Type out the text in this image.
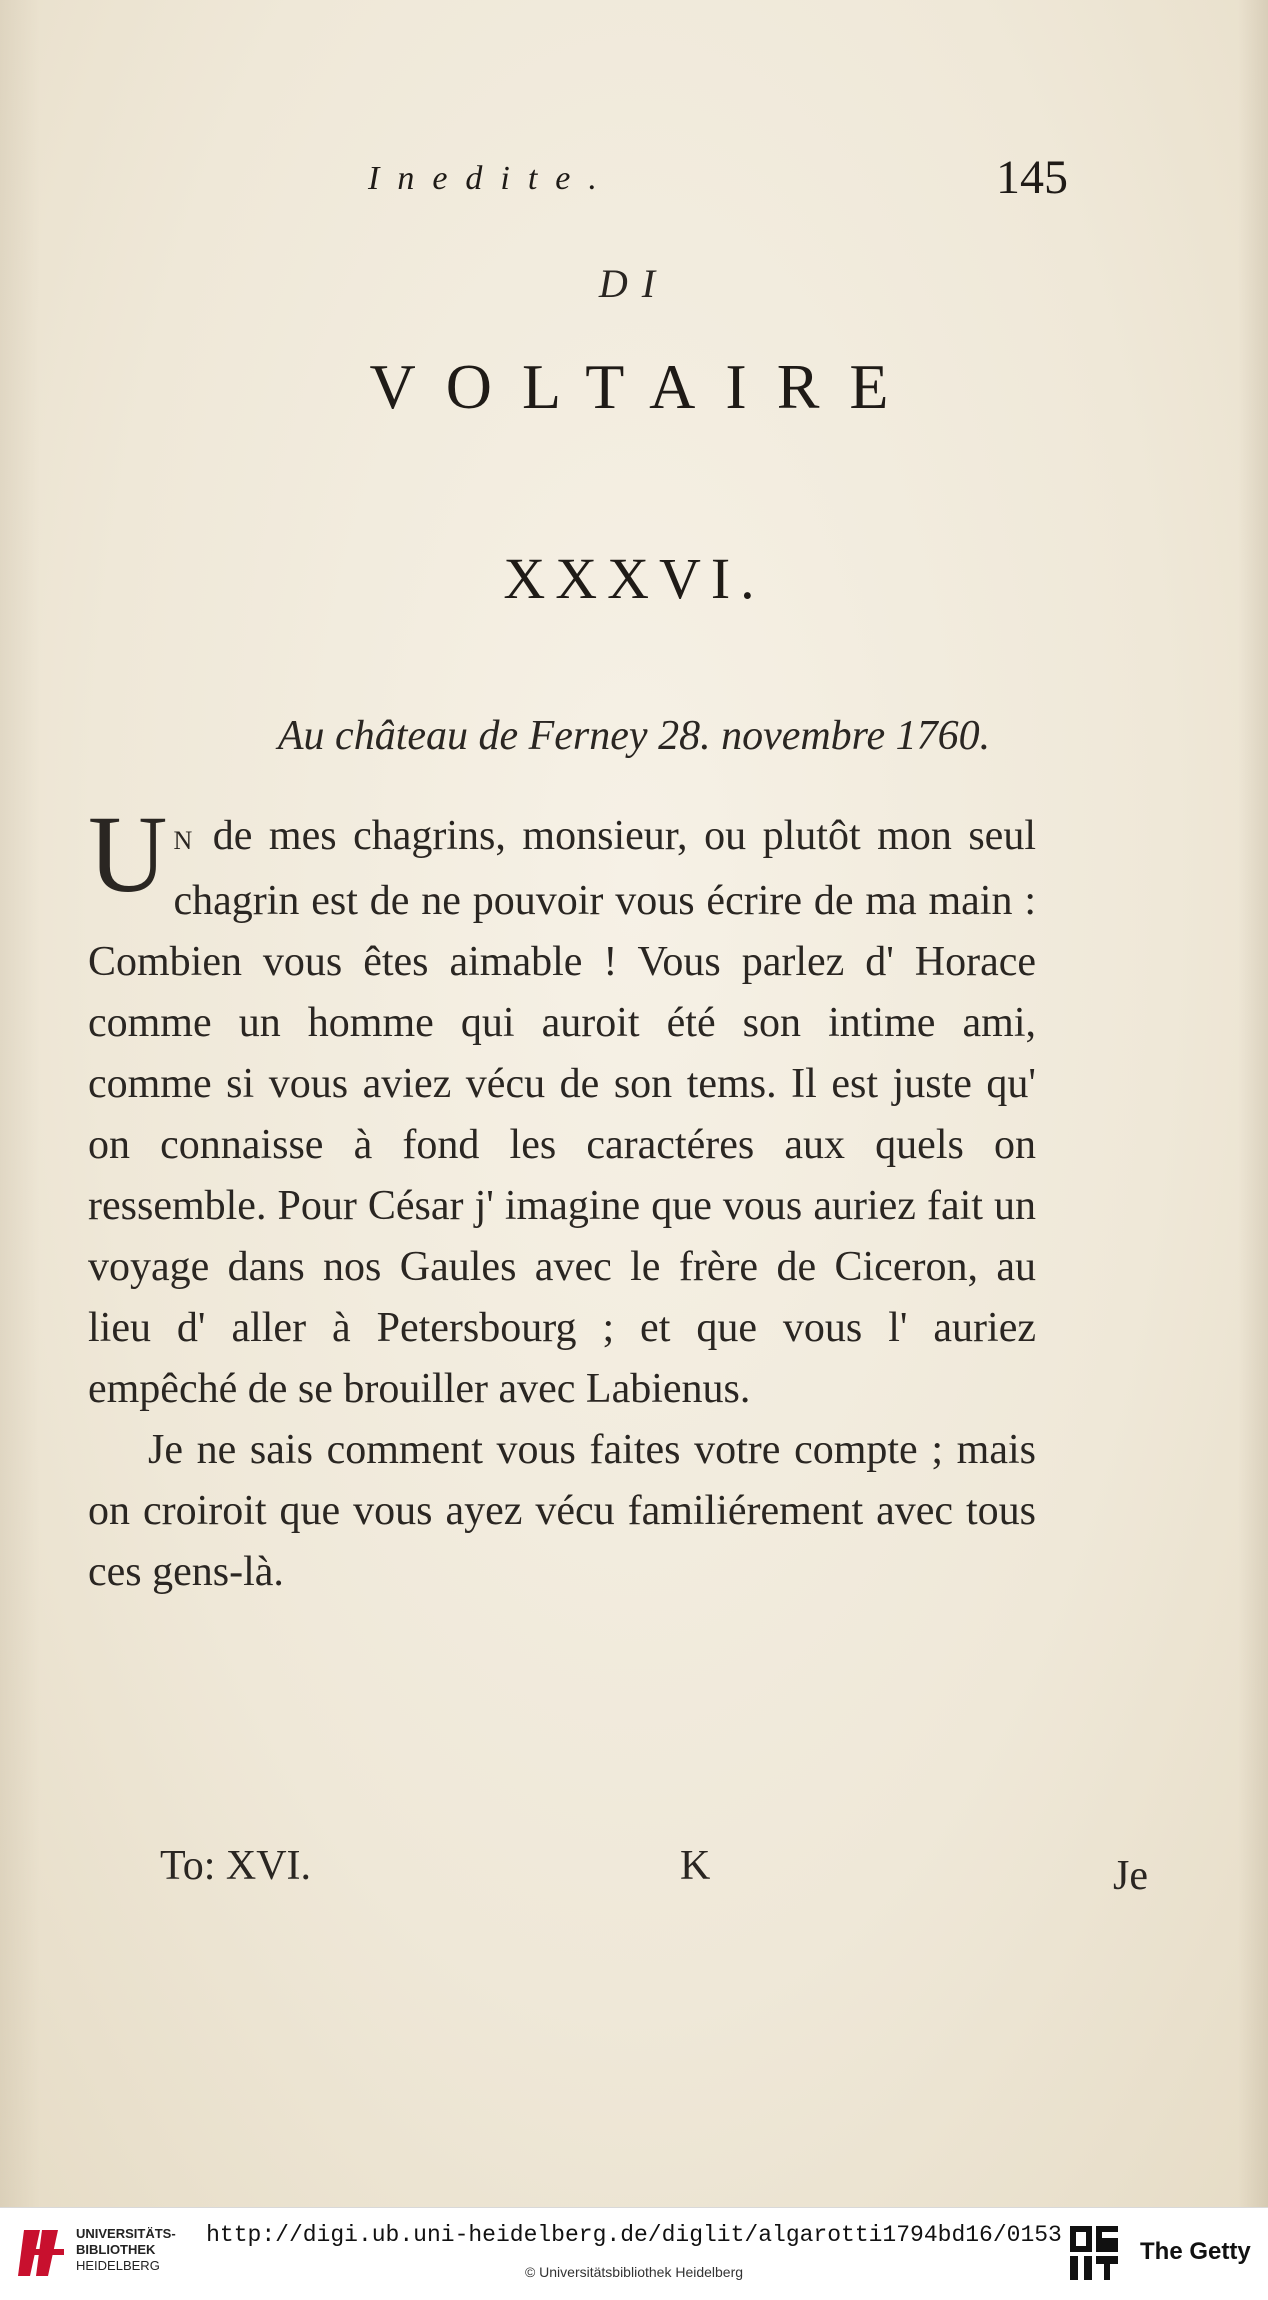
Inedite.	145
DI
VOLTAIRE
XXXVI.
Au château de Ferney 28. novembre 1760.

UN de mes chagrins, monsieur, ou plutôt mon seul chagrin est de ne pouvoir vous écrire de ma main : Combien vous êtes aimable ! Vous parlez d' Horace comme un homme qui auroit été son intime ami, comme si vous aviez vécu de son tems. Il est juste qu' on connaisse à fond les caractéres aux quels on ressemble. Pour César j' imagine que vous auriez fait un voyage dans nos Gaules avec le frère de Ciceron, au lieu d' aller à Petersbourg ; et que vous l' auriez empêché de se brouiller avec Labienus.

Je ne sais comment vous faites votre compte ; mais on croiroit que vous ayez vécu familiérement avec tous ces gens-là.

To: XVI.	K	Je
UNIVERSITÄTS-
BIBLIOTHEK
HEIDELBERG
http://digi.ub.uni-heidelberg.de/diglit/algarotti1794bd16/0153
© Universitätsbibliothek Heidelberg
The Getty
